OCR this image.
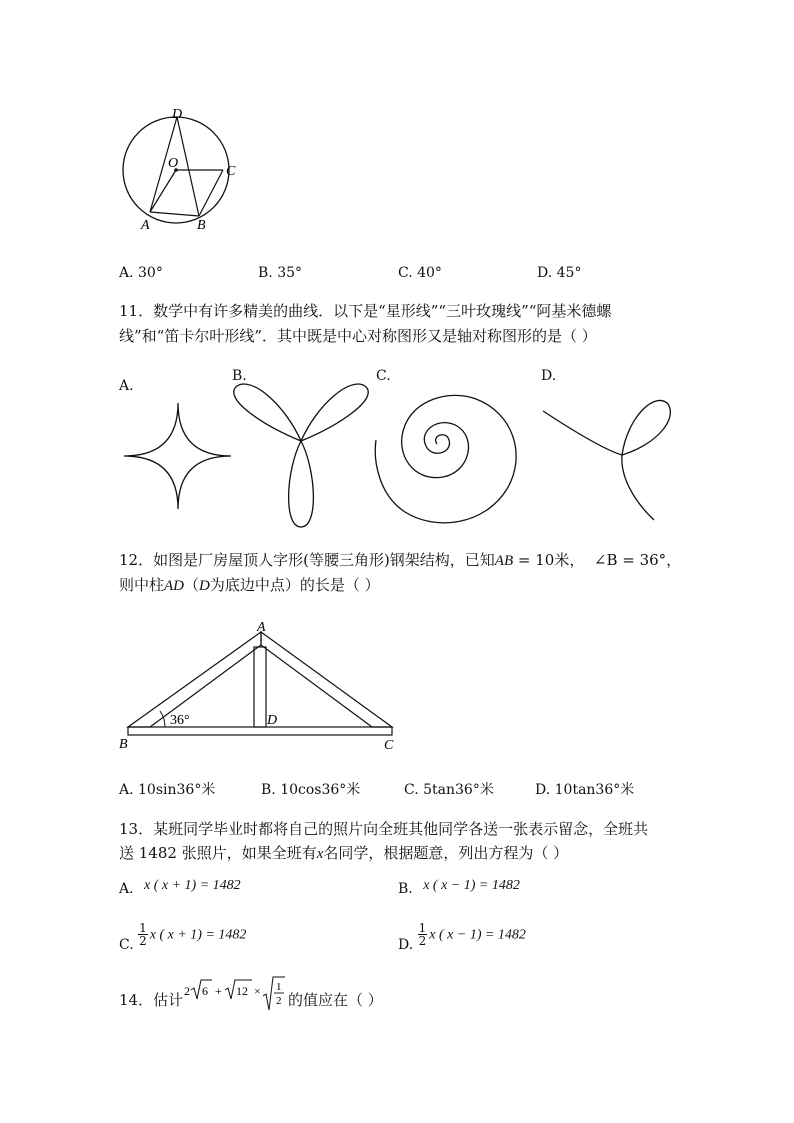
D
O
C
A	B
A. 30°	B. 35°	C. 40°	D. 45°
11．数学中有许多精美的曲线．以下是“星形线”“三叶玫瑰线”“阿基米德螺
线”和“笛卡尔叶形线”．其中既是中心对称图形又是轴对称图形的是（ ）
A.
B.	C.	D.
12．如图是厂房屋顶人字形(等腰三角形)钢架结构，已知AB = 10米， ∠B = 36°，
则中柱AD（D为底边中点）的长是（ ）
A
B	C
D
36°
A. 10sin36°米	B. 10cos36°米	C. 5tan36°米	D. 10tan36°米
13．某班同学毕业时都将自己的照片向全班其他同学各送一张表示留念，全班共
送 1482 张照片，如果全班有x名同学，根据题意，列出方程为（ ）
A. x ( x + 1) = 1482	B. x ( x − 1) = 1482
C. $\frac{1}{2}$ x ( x + 1) = 1482
D. $\frac{1}{2}$ x ( x − 1) = 1482
14．估计 2 6 + 12 × 1
2 的值应在（ ）
